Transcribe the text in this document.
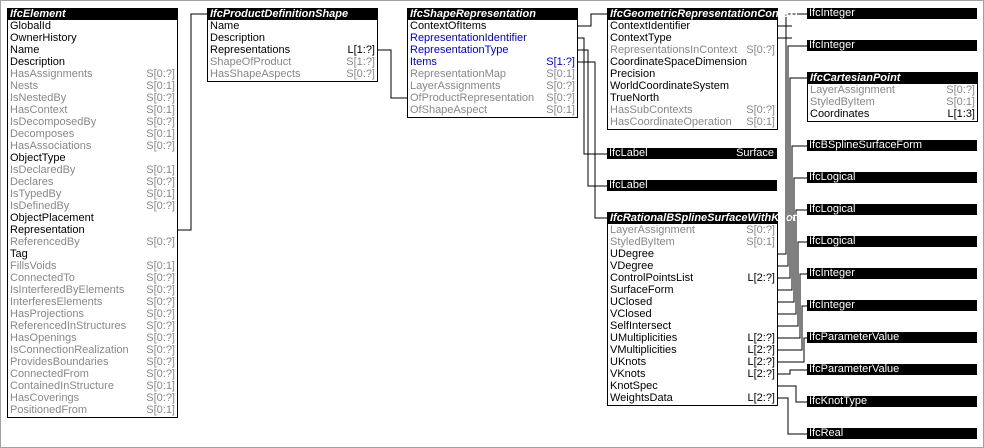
IfcElement
GlobalId
OwnerHistory
Name
Description
HasAssignments	S[0:?]
Nests	S[0:1]
IsNestedBy	S[0:?]
HasContext	S[0:1]
IsDecomposedBy	S[0:?]
Decomposes	S[0:1]
HasAssociations	S[0:?]
ObjectType
IsDeclaredBy	S[0:1]
Declares	S[0:?]
IsTypedBy	S[0:1]
IsDefinedBy	S[0:?]
ObjectPlacement
Representation
ReferencedBy	S[0:?]
Tag
FillsVoids	S[0:1]
ConnectedTo	S[0:?]
IsInterferedByElements S[0:?]
InterferesElements	S[0:?]
HasProjections	S[0:?]
ReferencedInStructures S[0:?]
HasOpenings	S[0:?]
IsConnectionRealization S[0:?]
ProvidesBoundaries	S[0:?]
ConnectedFrom	S[0:?]
ContainedInStructure	S[0:1]
HasCoverings	S[0:?]
PositionedFrom	S[0:1]
IfcProductDefinitionShape
Name
Description
Representations	L[1:?]
ShapeOfProduct	S[1:?]
HasShapeAspects	S[0:?]
IfcShapeRepresentation
ContextOfItems
RepresentationIdentifier
RepresentationType
Items	S[1:?]
RepresentationMap	S[0:1]
LayerAssignments	S[0:?]
OfProductRepresentation S[0:?]
OfShapeAspect	S[0:1]
IfcGeometricRepresentationContext
ContextIdentifier
ContextType
RepresentationsInContext S[0:?]
CoordinateSpaceDimension
Precision
WorldCoordinateSystem
TrueNorth
HasSubContexts	S[0:?]
HasCoordinateOperation S[0:1]
IfcLabel	Surface
IfcLabel
IfcRationalBSplineSurfaceWithKnots
LayerAssignment	S[0:?]
StyledByItem	S[0:1]
UDegree
VDegree
ControlPointsList	L[2:?]
SurfaceForm
UClosed
VClosed
SelfIntersect
UMultiplicities	L[2:?]
VMultiplicities	L[2:?]
UKnots	L[2:?]
VKnots	L[2:?]
KnotSpec
WeightsData	L[2:?]
IfcCartesianPoint
LayerAssignment	S[0:?]
StyledByItem	S[0:1]
Coordinates	L[1:3]
IfcInteger
IfcInteger
IfcBSplineSurfaceForm
IfcLogical
IfcLogical
IfcLogical
IfcInteger
IfcInteger
IfcParameterValue
IfcParameterValue
IfcKnotType
IfcReal
